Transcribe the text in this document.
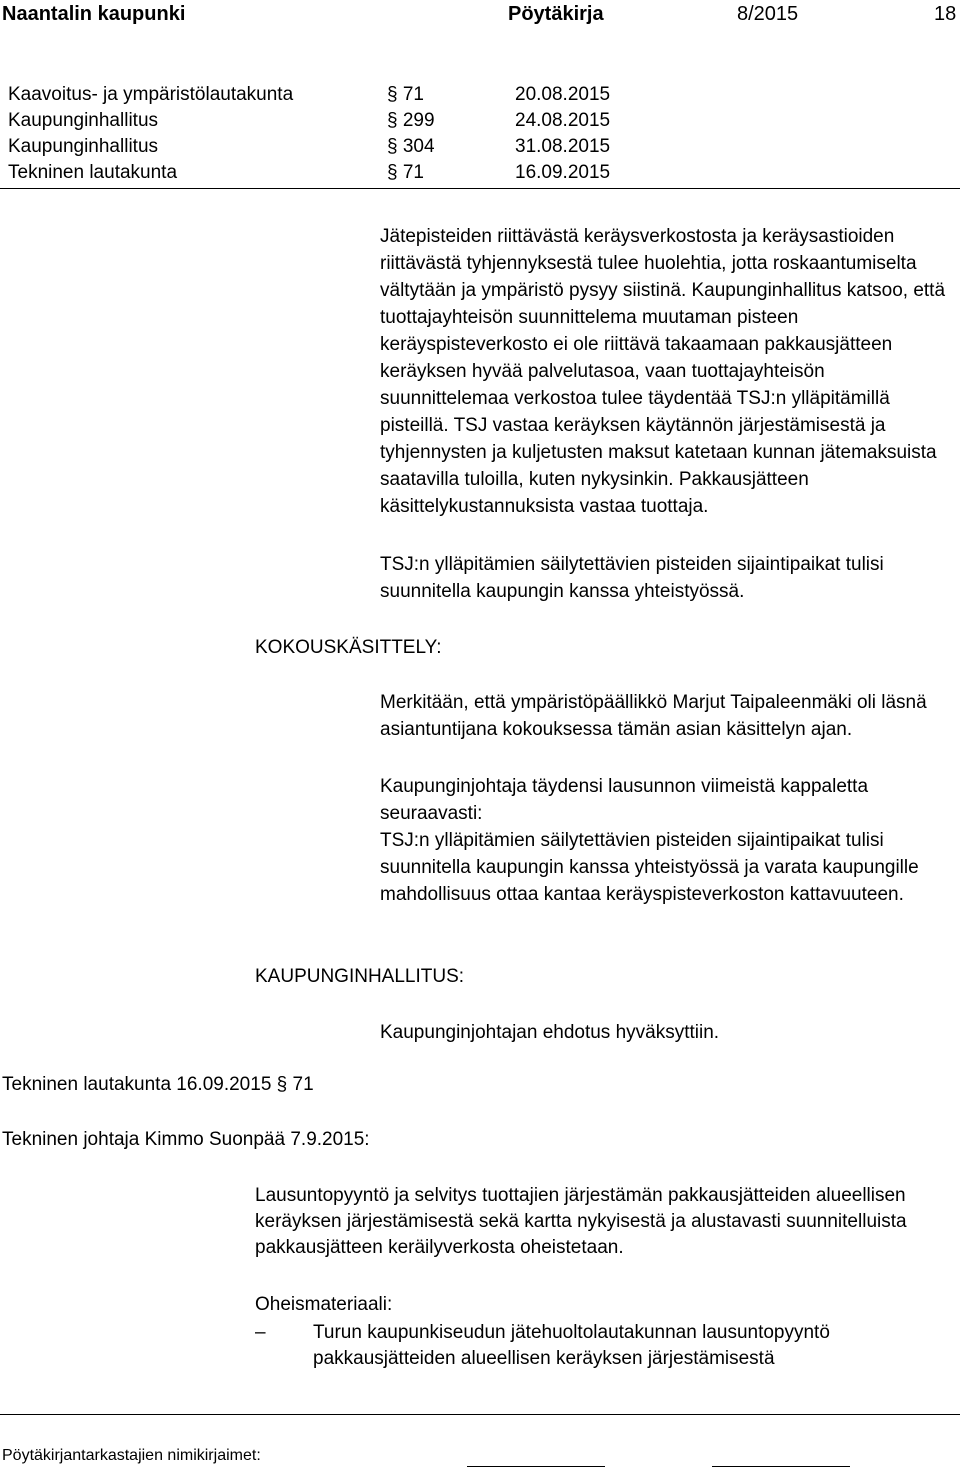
Naantalin kaupunki	Pöytäkirja	8/2015	18
Kaavoitus- ja ympäristölautakunta	§ 71	20.08.2015
Kaupunginhallitus	§ 299	24.08.2015
Kaupunginhallitus	§ 304	31.08.2015
Tekninen lautakunta	§ 71	16.09.2015

Jätepisteiden riittävästä keräysverkostosta ja keräysastioiden riittävästä tyhjennyksestä tulee huolehtia, jotta roskaantumiselta vältytään ja ympäristö pysyy siistinä. Kaupunginhallitus katsoo, että tuottajayhteisön suunnittelema muutaman pisteen keräyspisteverkosto ei ole riittävä takaamaan pakkausjätteen keräyksen hyvää palvelutasoa, vaan tuottajayhteisön suunnittelemaa verkostoa tulee täydentää TSJ:n ylläpitämillä pisteillä. TSJ vastaa keräyksen käytännön järjestämisestä ja tyhjennysten ja kuljetusten maksut katetaan kunnan jätemaksuista saatavilla tuloilla, kuten nykysinkin. Pakkausjätteen käsittelykustannuksista vastaa tuottaja.

TSJ:n ylläpitämien säilytettävien pisteiden sijaintipaikat tulisi suunnitella kaupungin kanssa yhteistyössä.

KOKOUSKÄSITTELY:

Merkitään, että ympäristöpäällikkö Marjut Taipaleenmäki oli läsnä asiantuntijana kokouksessa tämän asian käsittelyn ajan.

Kaupunginjohtaja täydensi lausunnon viimeistä kappaletta seuraavasti:

TSJ:n ylläpitämien säilytettävien pisteiden sijaintipaikat tulisi suunnitella kaupungin kanssa yhteistyössä ja varata kaupungille mahdollisuus ottaa kantaa keräyspisteverkoston kattavuuteen.

KAUPUNGINHALLITUS:

Kaupunginjohtajan ehdotus hyväksyttiin.

Tekninen lautakunta 16.09.2015 § 71
Tekninen johtaja Kimmo Suonpää 7.9.2015:
Lausuntopyyntö ja selvitys tuottajien järjestämän pakkausjätteiden alueellisen keräyksen järjestämisestä sekä kartta nykyisestä ja alustavasti suunnitelluista pakkausjätteen keräilyverkosta oheistetaan.
Oheismateriaali:
– Turun kaupunkiseudun jätehuoltolautakunnan lausuntopyyntö pakkausjätteiden alueellisen keräyksen järjestämisestä
Pöytäkirjantarkastajien nimikirjaimet:
